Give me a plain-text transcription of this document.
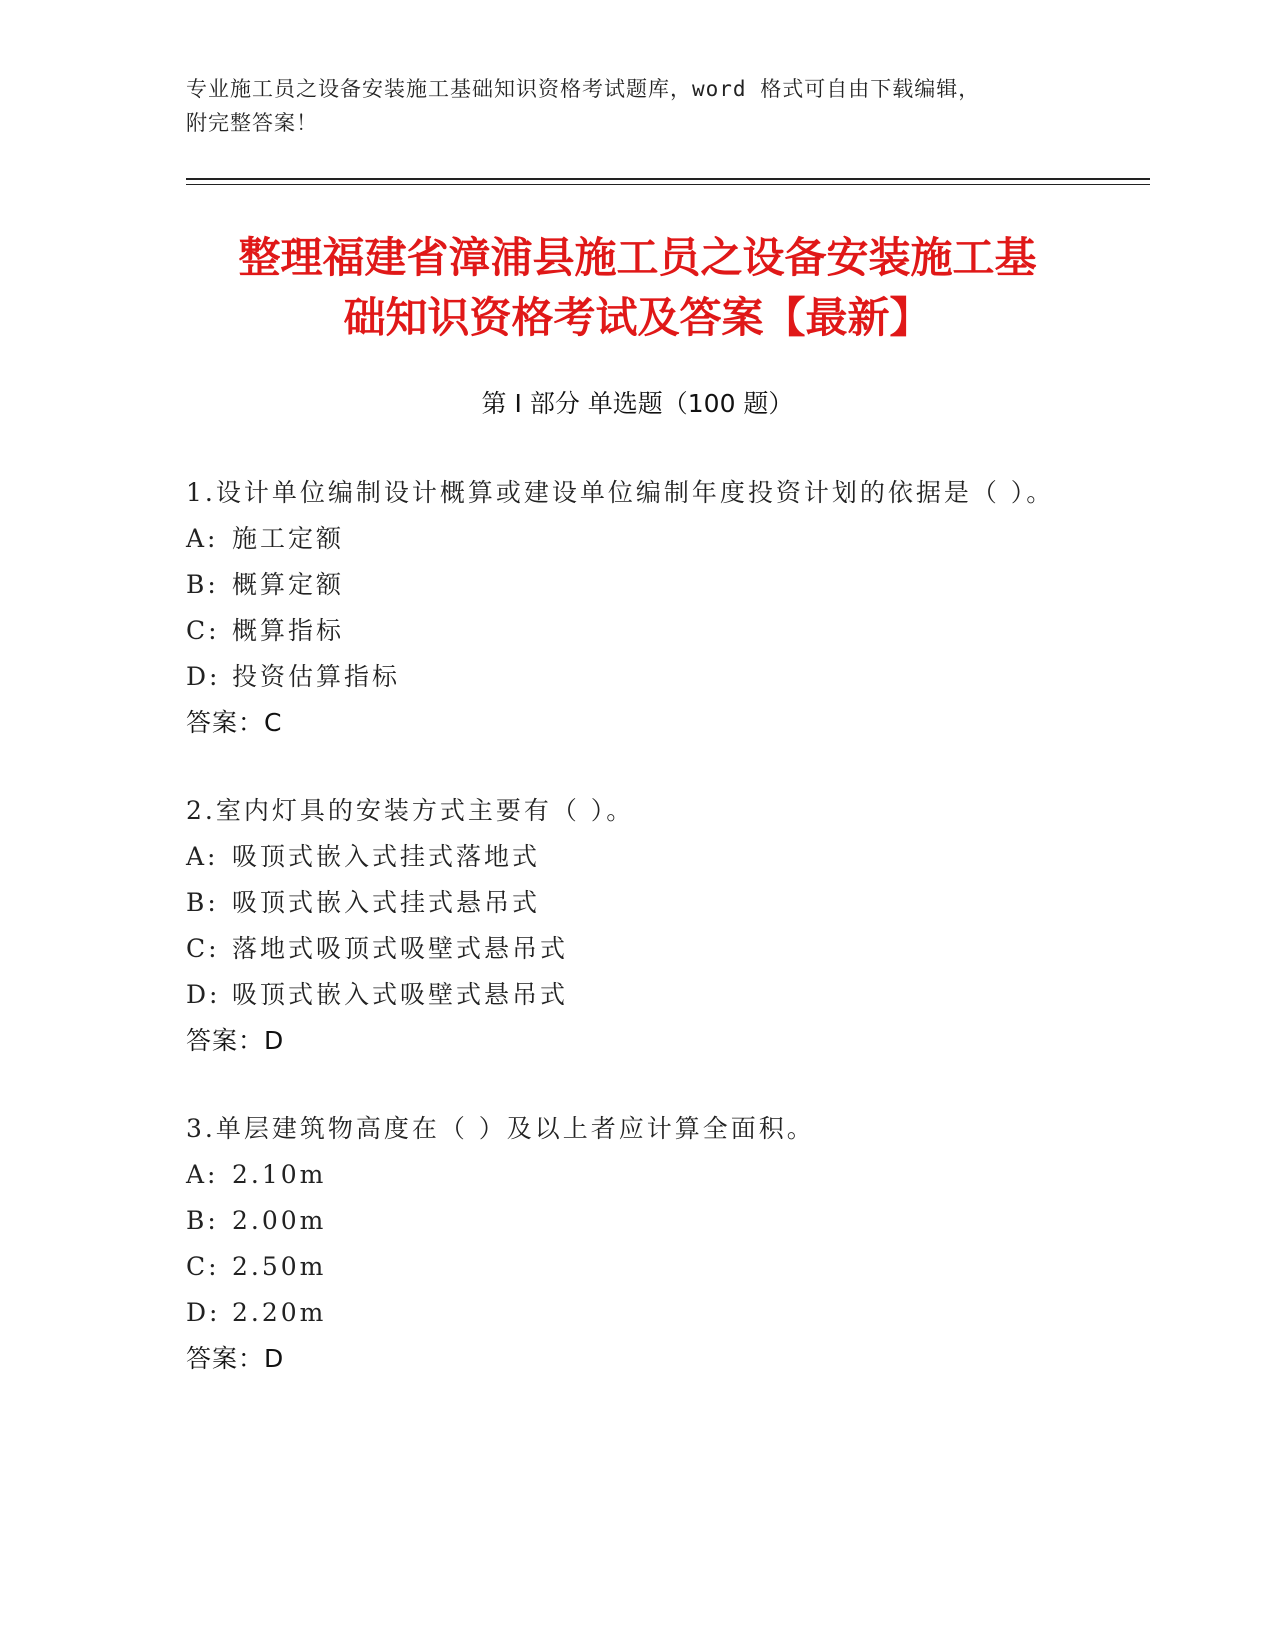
专业施工员之设备安装施工基础知识资格考试题库，word 格式可自由下载编辑，
附完整答案！
整理福建省漳浦县施工员之设备安装施工基
础知识资格考试及答案【最新】
第 I 部分 单选题（100 题）

1.设计单位编制设计概算或建设单位编制年度投资计划的依据是（ ）。

A: 施工定额

B: 概算定额

C: 概算指标

D: 投资估算指标

答案：C

2.室内灯具的安装方式主要有（ ）。

A: 吸顶式嵌入式挂式落地式

B: 吸顶式嵌入式挂式悬吊式

C: 落地式吸顶式吸壁式悬吊式

D: 吸顶式嵌入式吸壁式悬吊式

答案：D

3.单层建筑物高度在（ ）及以上者应计算全面积。

A: 2.10m

B: 2.00m

C: 2.50m

D: 2.20m

答案：D
